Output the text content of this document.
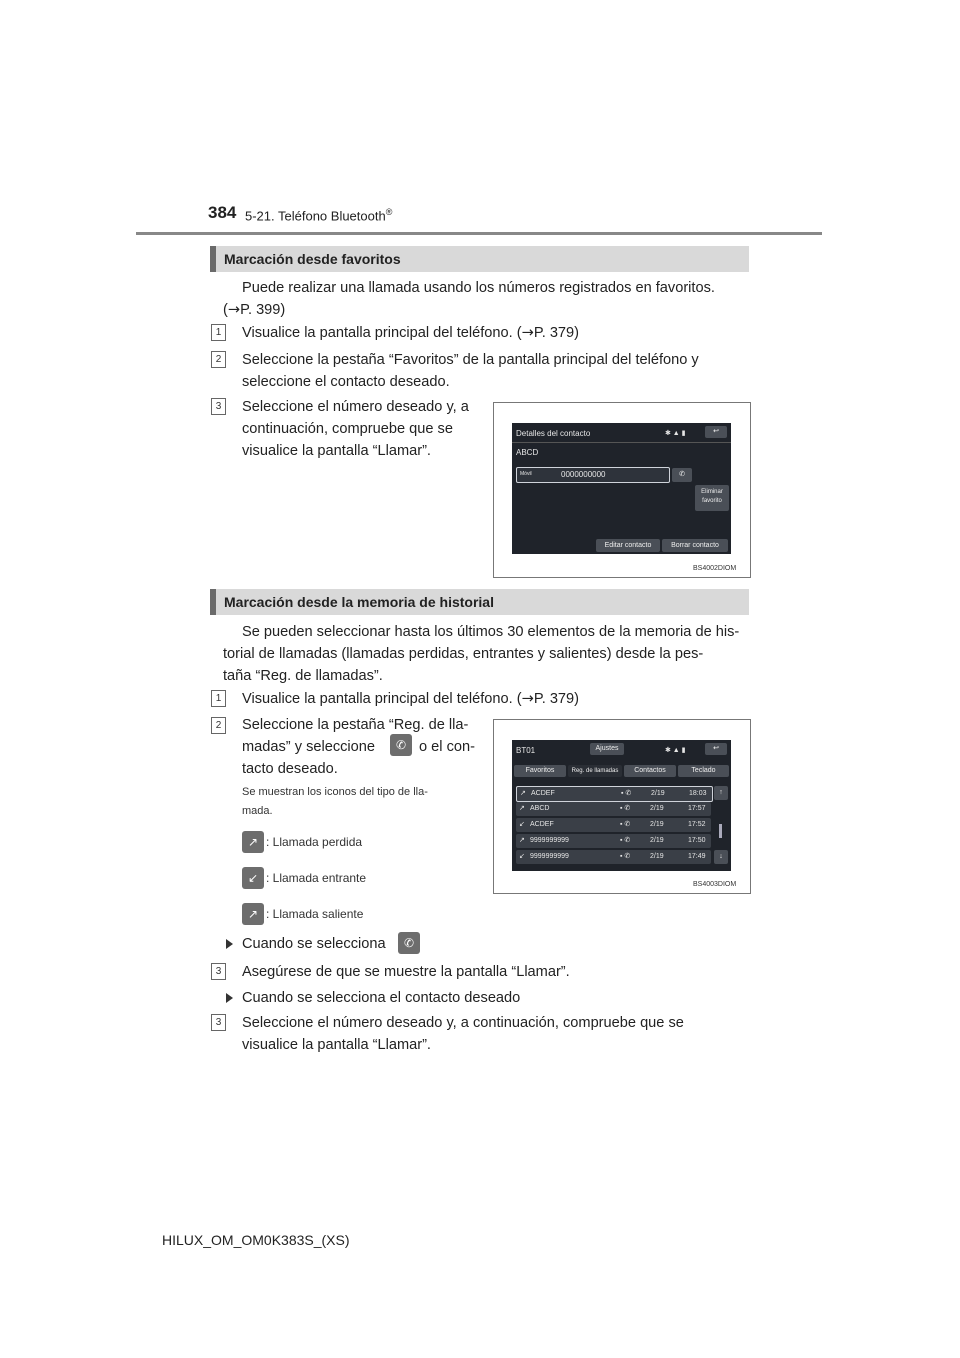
384 5-21. Teléfono Bluetooth®
Marcación desde favoritos
Puede realizar una llamada usando los números registrados en favoritos.
(→P. 399)
1	Visualice la pantalla principal del teléfono. (→P. 379)
2	Seleccione la pestaña “Favoritos” de la pantalla principal del teléfono y
seleccione el contacto deseado.
3	Seleccione el número deseado y, a
continuación, compruebe que se
visualice la pantalla “Llamar”.
Detalles del contacto	✱ ▲ ▮	↩
ABCD
Móvil	0000000000	✆
Eliminar
favorito
Editar contacto	Borrar contacto
BS4002DIOM
Marcación desde la memoria de historial
Se pueden seleccionar hasta los últimos 30 elementos de la memoria de his-
torial de llamadas (llamadas perdidas, entrantes y salientes) desde la pes-
taña “Reg. de llamadas”.
1	Visualice la pantalla principal del teléfono. (→P. 379)
2	Seleccione la pestaña “Reg. de lla-
madas” y seleccione	✆ o el con-
tacto deseado.
Se muestran los iconos del tipo de lla-
mada.
↗ : Llamada perdida
↙ : Llamada entrante
↗ : Llamada saliente
Cuando se selecciona	✆
3	Asegúrese de que se muestre la pantalla “Llamar”.
Cuando se selecciona el contacto deseado
3	Seleccione el número deseado y, a continuación, compruebe que se
visualice la pantalla “Llamar”.
BT01	Ajustes	✱ ▲ ▮	↩
Favoritos	Reg. de llamadas	Contactos	Teclado
↗ ACDEF	▪ ✆	2/19	18:03
↗ ABCD	▪ ✆	2/19	17:57
↙ ACDEF	▪ ✆	2/19	17:52
↗ 9999999999	▪ ✆	2/19	17:50
↙ 9999999999	▪ ✆	2/19	17:49
↑
↓
BS4003DIOM
HILUX_OM_OM0K383S_(XS)
